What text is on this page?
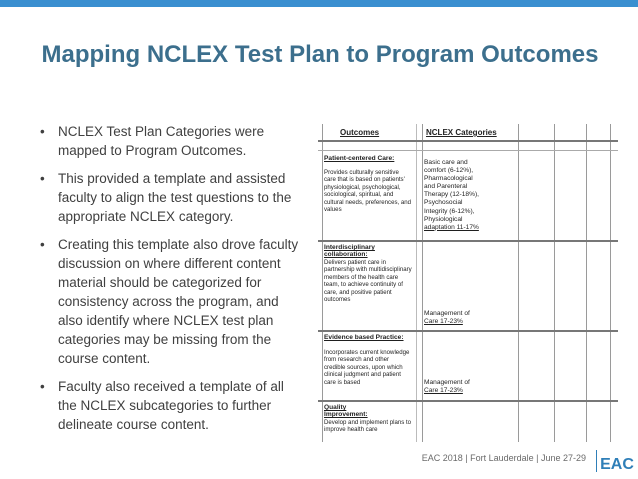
Mapping NCLEX Test Plan to Program Outcomes
• NCLEX Test Plan Categories were mapped to Program Outcomes.
• This provided a template and assisted faculty to align the test questions to the appropriate NCLEX category.
• Creating this template also drove faculty discussion on where different content material should be categorized for consistency across the program, and also identify where NCLEX test plan categories may be missing from the course content.
• Faculty also received a template of all the NCLEX subcategories to further delineate course content.
Outcomes	NCLEX Categories
Patient-centered Care:
Provides culturally sensitive care that is based on patients' physiological, psychological, sociological, spiritual, and cultural needs, preferences, and values
Basic care and
comfort (6-12%),
Pharmacological
and Parenteral
Therapy (12-18%),
Psychosocial
Integrity (6-12%),
Physiological
adaptation 11-17%
Interdisciplinary collaboration:
Delivers patient care in partnership with multidisciplinary members of the health care team, to achieve continuity of care, and positive patient outcomes
Management of
Care 17-23%
Evidence based Practice:
Incorporates current knowledge from research and other credible sources, upon which clinical judgment and patient care is based	Management of
Care 17-23%
Quality Improvement:
Develop and implement plans to improve health care
EAC 2018 | Fort Lauderdale | June 27-29 EAC
